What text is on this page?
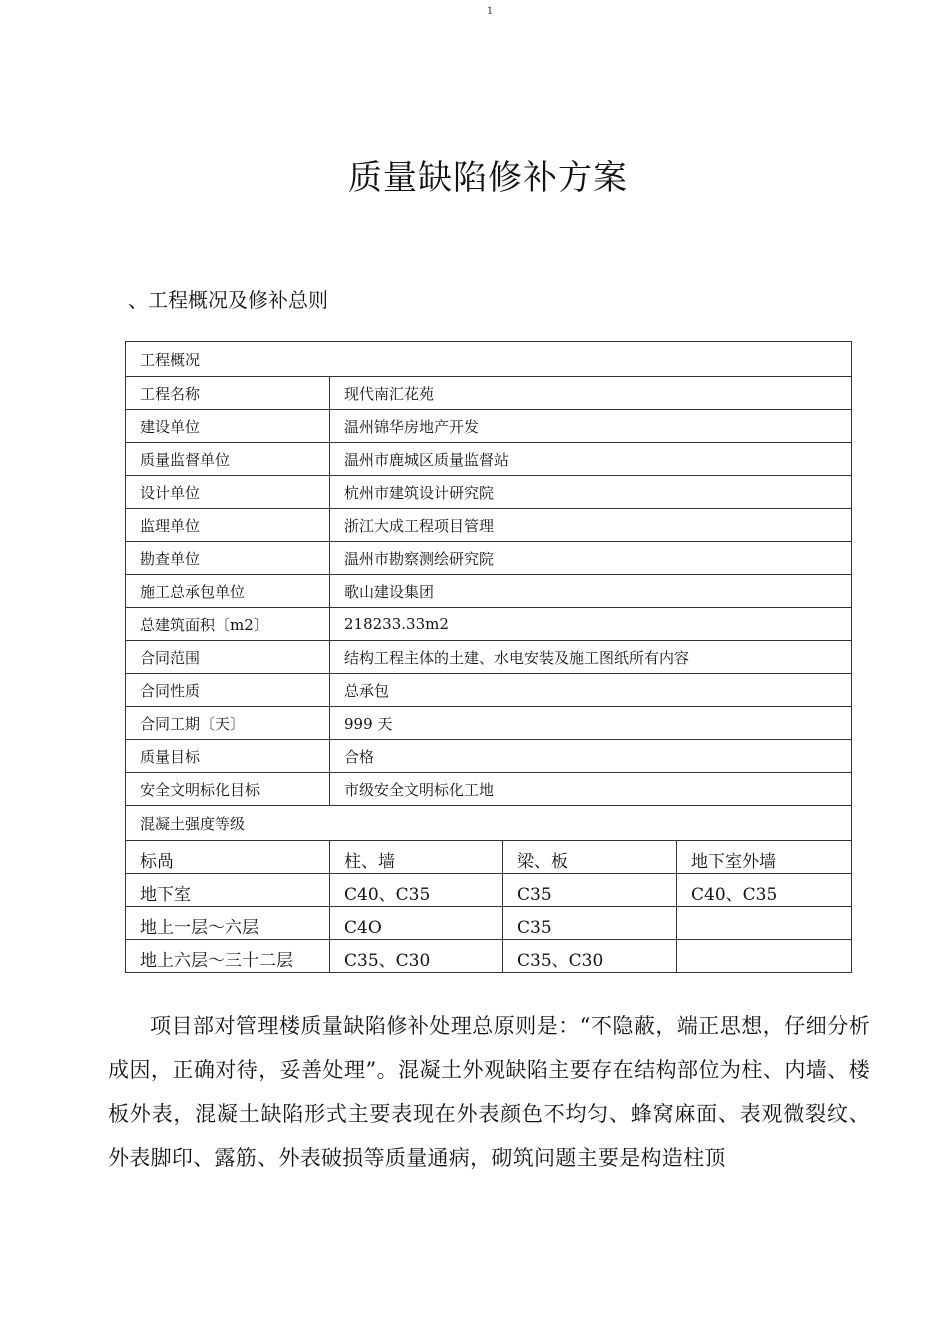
1
质量缺陷修补方案
、工程概况及修补总则
工程概况			
工程名称	现代南汇花苑		
建设单位	温州锦华房地产开发		
质量监督单位	温州市鹿城区质量监督站		
设计单位	杭州市建筑设计研究院		
监理单位	浙江大成工程项目管理		
勘查单位	温州市勘察测绘研究院		
施工总承包单位	歌山建设集团		
总建筑面积〔m2〕	218233.33m2		
合同范围	结构工程主体的土建、水电安装及施工图纸所有内容		
合同性质	总承包		
合同工期〔天〕	999 天		
质量目标	合格		
安全文明标化目标	市级安全文明标化工地		
混凝土强度等级			
标咼	柱、墙	梁、板	地下室外墙
地下室	C40、C35	C35	C40、C35
地上一层〜六层	C4O	C35	
地上六层〜三十二层	C35、C30	C35、C30	

项目部对管理楼质量缺陷修补处理总原则是：“不隐蔽，端正思想，仔细分析成因，正确对待，妥善处理”。混凝土外观缺陷主要存在结构部位为柱、内墙、楼板外表，混凝土缺陷形式主要表现在外表颜色不均匀、蜂窝麻面、表观微裂纹、外表脚印、露筋、外表破损等质量通病，砌筑问题主要是构造柱顶
